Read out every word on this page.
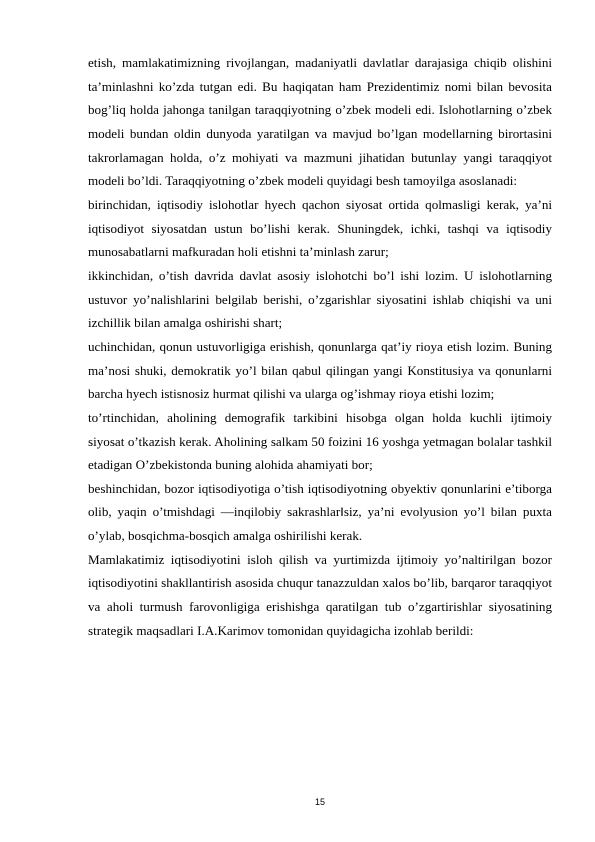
etish, mamlakatimizning rivojlangan, madaniyatli davlatlar darajasiga chiqib olishini ta’minlashni ko’zda tutgan edi. Bu haqiqatan ham Prezidentimiz nomi bilan bevosita bog’liq holda jahonga tanilgan taraqqiyotning o’zbek modeli edi. Islohotlarning o’zbek modeli bundan oldin dunyoda yaratilgan va mavjud bo’lgan modellarning birortasini takrorlamagan holda, o’z mohiyati va mazmuni jihatidan butunlay yangi taraqqiyot modeli bo’ldi. Taraqqiyotning o’zbek modeli quyidagi besh tamoyilga asoslanadi:

birinchidan, iqtisodiy islohotlar hyech qachon siyosat ortida qolmasligi kerak, ya’ni iqtisodiyot siyosatdan ustun bo’lishi kerak. Shuningdek, ichki, tashqi va iqtisodiy munosabatlarni mafkuradan holi etishni ta’minlash zarur;

ikkinchidan, o’tish davrida davlat asosiy islohotchi bo’l ishi lozim. U islohotlarning ustuvor yo’nalishlarini belgilab berishi, o’zgarishlar siyosatini ishlab chiqishi va uni izchillik bilan amalga oshirishi shart;

uchinchidan, qonun ustuvorligiga erishish, qonunlarga qat’iy rioya etish lozim. Buning ma’nosi shuki, demokratik yo’l bilan qabul qilingan yangi Konstitusiya va qonunlarni barcha hyech istisnosiz hurmat qilishi va ularga og’ishmay rioya etishi lozim;

to’rtinchidan, aholining demografik tarkibini hisobga olgan holda kuchli ijtimoiy siyosat o’tkazish kerak. Aholining salkam 50 foizini 16 yoshga yetmagan bolalar tashkil etadigan O’zbekistonda buning alohida ahamiyati bor;

beshinchidan, bozor iqtisodiyotiga o’tish iqtisodiyotning obyektiv qonunlarini e’tiborga olib, yaqin o’tmishdagi ―inqilobiy sakrashlar‖siz, ya’ni evolyusion yo’l bilan puxta o’ylab, bosqichma-bosqich amalga oshirilishi kerak.

Mamlakatimiz iqtisodiyotini isloh qilish va yurtimizda ijtimoiy yo’naltirilgan bozor iqtisodiyotini shakllantirish asosida chuqur tanazzuldan xalos bo’lib, barqaror taraqqiyot va aholi turmush farovonligiga erishishga qaratilgan tub o’zgartirishlar siyosatining strategik maqsadlari I.A.Karimov tomonidan quyidagicha izohlab berildi:

15
